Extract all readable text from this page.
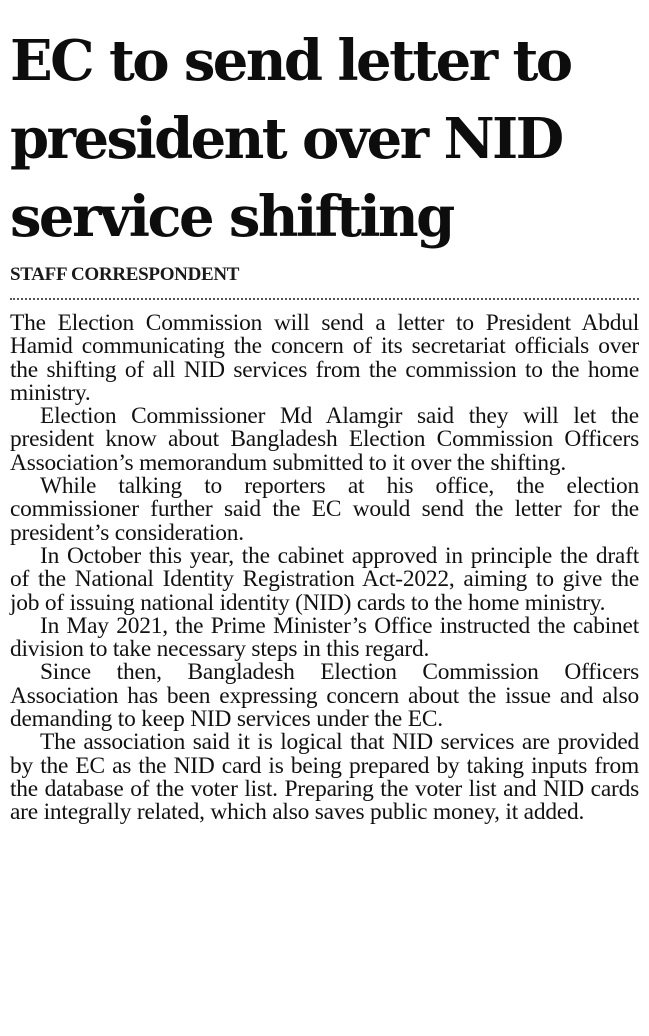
EC to send letter to
president over NID
service shifting
STAFF CORRESPONDENT

The Election Commission will send a letter to President Abdul Hamid communicating the concern of its secretariat officials over the shifting of all NID services from the commission to the home ministry.

Election Commissioner Md Alamgir said they will let the president know about Bangladesh Election Commission Officers Association’s memorandum submitted to it over the shifting.

While talking to reporters at his office, the election commissioner further said the EC would send the letter for the president’s consideration.

In October this year, the cabinet approved in principle the draft of the National Identity Registration Act-2022, aiming to give the job of issuing national identity (NID) cards to the home ministry.

In May 2021, the Prime Minister’s Office instructed the cabinet division to take necessary steps in this regard.

Since then, Bangladesh Election Commission Officers Association has been expressing concern about the issue and also demanding to keep NID services under the EC.

The association said it is logical that NID services are provided by the EC as the NID card is being prepared by taking inputs from the database of the voter list. Preparing the voter list and NID cards are integrally related, which also saves public money, it added.
